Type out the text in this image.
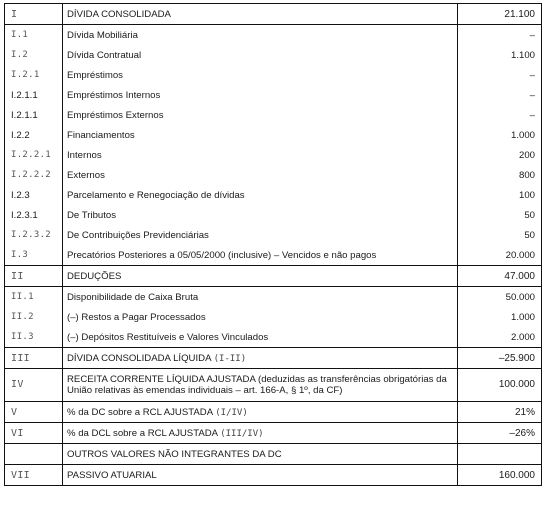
I	DÍVIDA CONSOLIDADA	21.100
I.1	Dívida Mobiliária	–
I.2	Dívida Contratual	1.100
I.2.1	Empréstimos	–
I.2.1.1	Empréstimos Internos	–
I.2.1.1	Empréstimos Externos	–
I.2.2	Financiamentos	1.000
I.2.2.1	Internos	200
I.2.2.2	Externos	800
I.2.3	Parcelamento e Renegociação de dívidas	100
I.2.3.1	De Tributos	50
I.2.3.2	De Contribuições Previdenciárias	50
I.3	Precatórios Posteriores a 05/05/2000 (inclusive) – Vencidos e não pagos	20.000
II	DEDUÇÕES	47.000
II.1	Disponibilidade de Caixa Bruta	50.000
II.2	(–) Restos a Pagar Processados	1.000
II.3	(–) Depósitos Restituíveis e Valores Vinculados	2.000
III	DÍVIDA CONSOLIDADA LÍQUIDA (I-II)	–25.900
IV	RECEITA CORRENTE LÍQUIDA AJUSTADA (deduzidas as transferências obrigatórias da União relativas às emendas individuais – art. 166-A, § 1º, da CF)	100.000
V	% da DC sobre a RCL AJUSTADA (I/IV)	21%
VI	% da DCL sobre a RCL AJUSTADA (III/IV)	–26%
	OUTROS VALORES NÃO INTEGRANTES DA DC	
VII	PASSIVO ATUARIAL	160.000
